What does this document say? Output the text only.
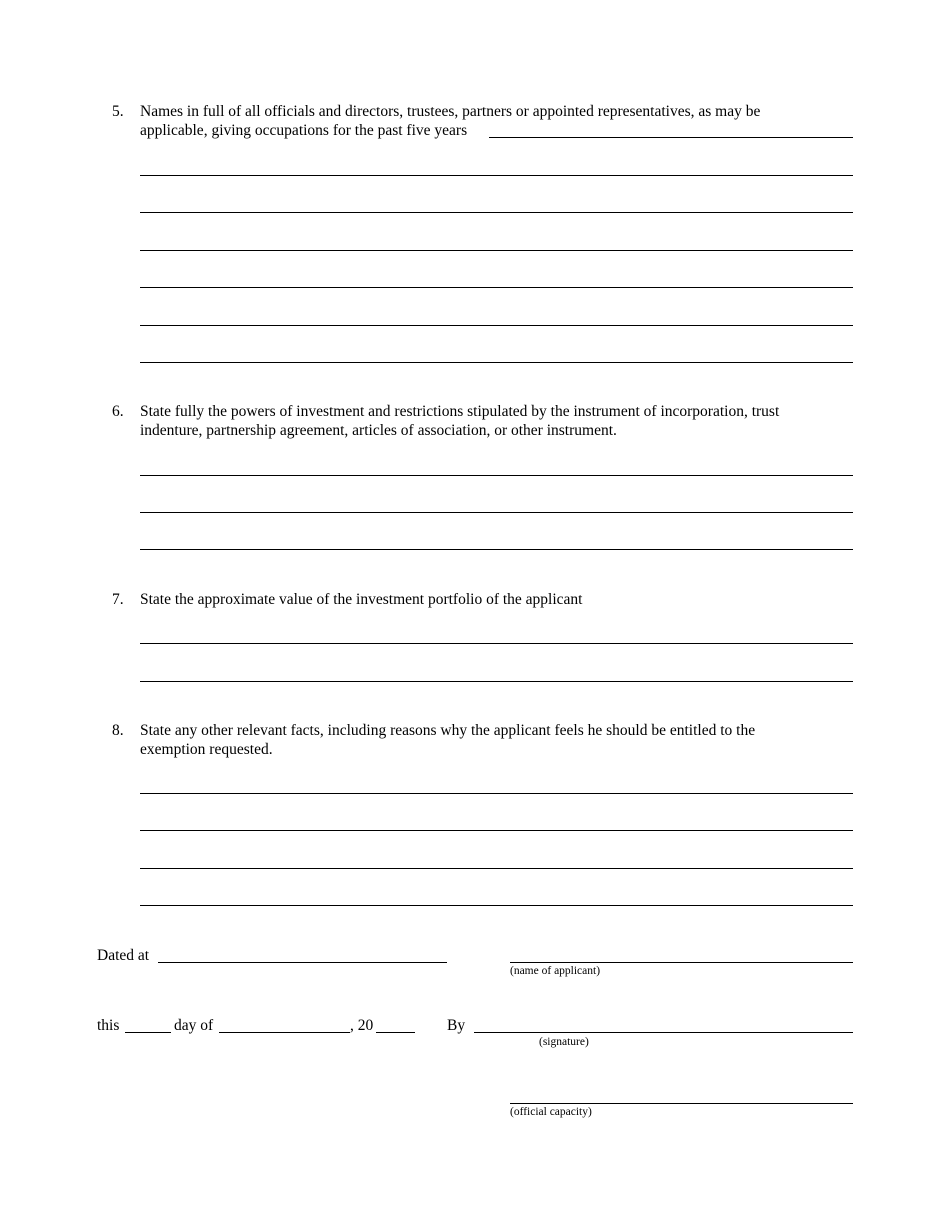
5. Names in full of all officials and directors, trustees, partners or appointed representatives, as may be
applicable, giving occupations for the past five years
6. State fully the powers of investment and restrictions stipulated by the instrument of incorporation, trust
indenture, partnership agreement, articles of association, or other instrument.
7. State the approximate value of the investment portfolio of the applicant
8. State any other relevant facts, including reasons why the applicant feels he should be entitled to the
exemption requested.
Dated at
(name of applicant)
this	day of	, 20	By
(signature)
(official capacity)
